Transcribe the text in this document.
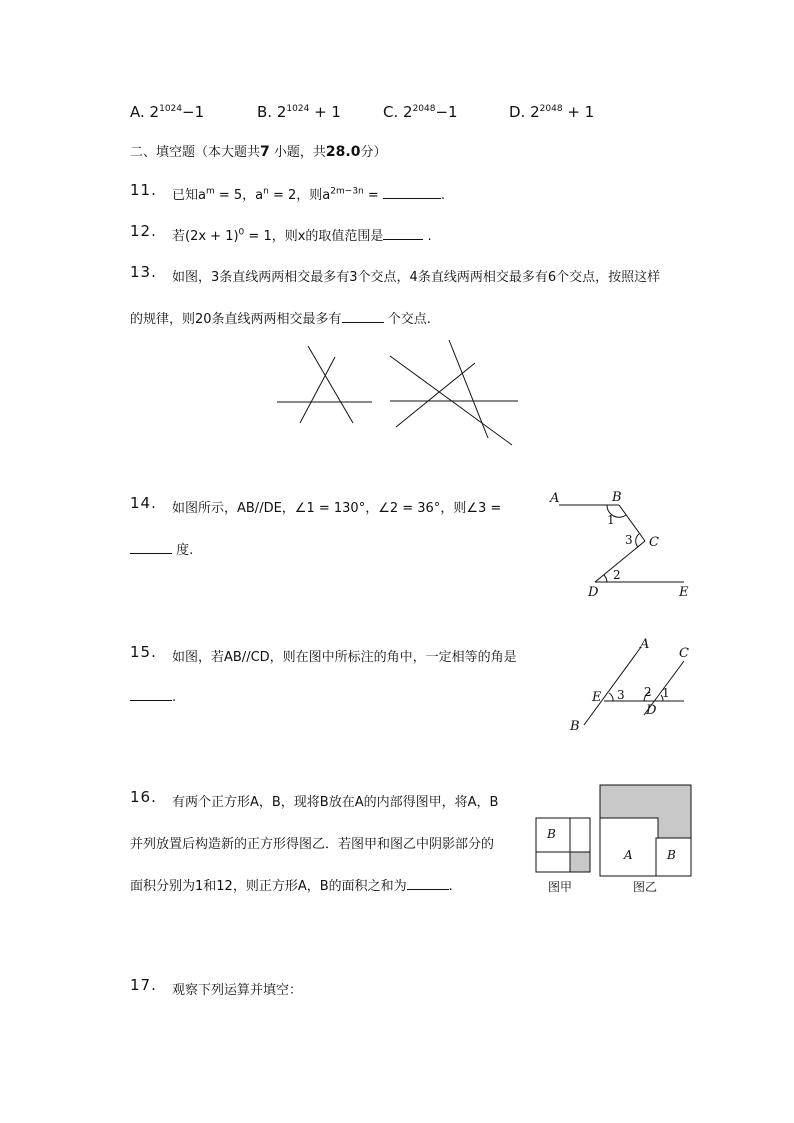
A. $2^{1024}-1$	B. $2^{1024} + 1$	C. $2^{2048}-1$	D. $2^{2048} + 1$
二、填空题（本大题共7 小题，共28.0分）
11. 已知$a^m = 5$，$a^n = 2$，则$a^{2m-3n}$ =	.
12. 若$(2x + 1)^0 = 1$，则x的取值范围是	.
13. 如图，3条直线两两相交最多有3个交点，4条直线两两相交最多有6个交点，按照这样
的规律，则20条直线两两相交最多有	个交点.
14. 如图所示，AB//DE，∠1 = 130°，∠2 = 36°，则∠3 =
度.
A	B
C
D	E
1
3
2
15. 如图，若AB//CD，则在图中所标注的角中，一定相等的角是
.
A
B
C
D
E 3 2 1
16. 有两个正方形A，B，现将B放在A的内部得图甲，将A，B
并列放置后构造新的正方形得图乙．若图甲和图乙中阴影部分的
面积分别为1和12，则正方形A，B的面积之和为	.
B
A	B
图甲	图乙
17. 观察下列运算并填空：
